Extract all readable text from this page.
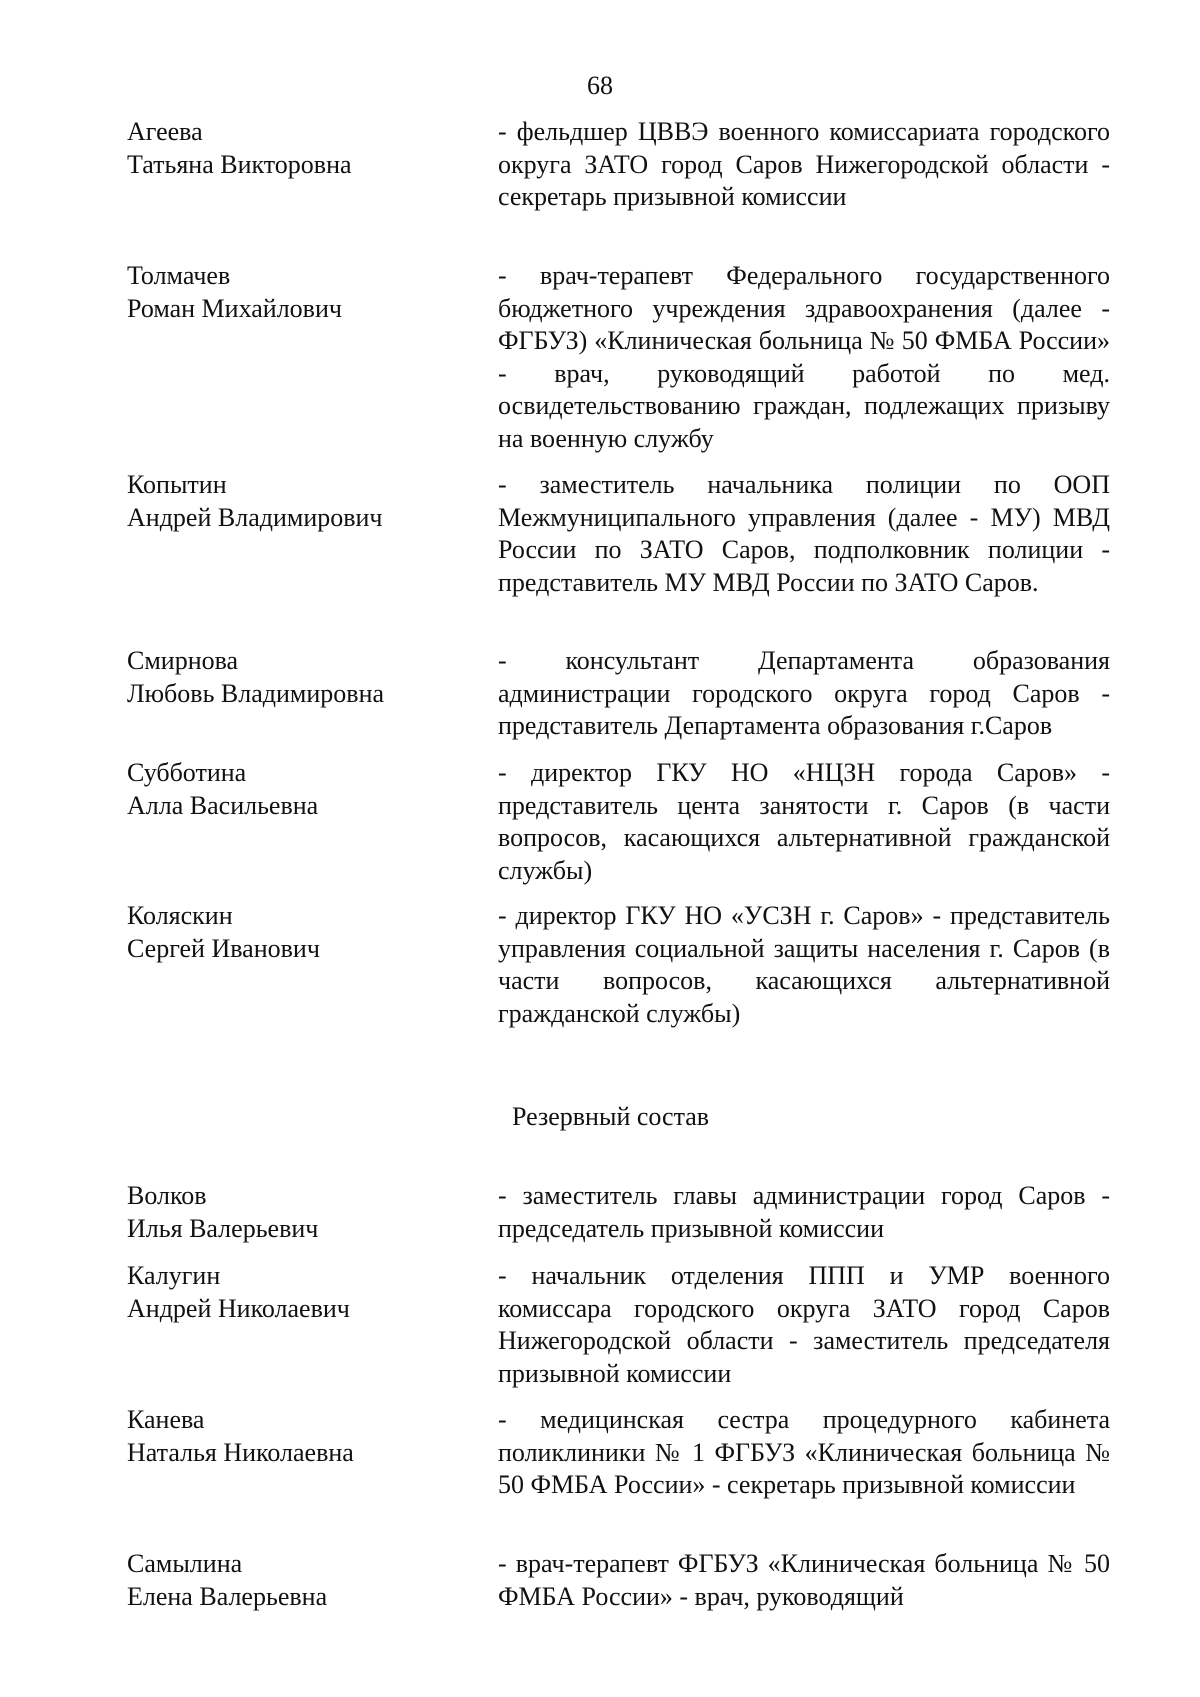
68
Агеева
Татьяна Викторовна
- фельдшер ЦВВЭ военного комиссариата городского округа ЗАТО город Саров Нижегородской области - секретарь призывной комиссии
Толмачев
Роман Михайлович
- врач-терапевт Федерального государственного бюджетного учреждения здравоохранения (далее - ФГБУЗ) «Клиническая больница № 50 ФМБА России» - врач, руководящий работой по мед. освидетельствованию граждан, подлежащих призыву на военную службу
Копытин
Андрей Владимирович
- заместитель начальника полиции по ООП Межмуниципального управления (далее - МУ) МВД России по ЗАТО Саров, подполковник полиции - представитель МУ МВД России по ЗАТО Саров.
Смирнова
Любовь Владимировна
- консультант Департамента образования администрации городского округа город Саров - представитель Департамента образования г.Саров
Субботина
Алла Васильевна
- директор ГКУ НО «НЦЗН города Саров» - представитель цента занятости г. Саров (в части вопросов, касающихся альтернативной гражданской службы)
Коляскин
Сергей Иванович
- директор ГКУ НО «УСЗН г. Саров» - представитель управления социальной защиты населения г. Саров (в части вопросов, касающихся альтернативной гражданской службы)
Резервный состав
Волков
Илья Валерьевич
- заместитель главы администрации город Саров - председатель призывной комиссии
Калугин
Андрей Николаевич
- начальник отделения ППП и УМР военного комиссара городского округа ЗАТО город Саров Нижегородской области - заместитель председателя призывной комиссии
Канева
Наталья Николаевна
- медицинская сестра процедурного кабинета поликлиники № 1 ФГБУЗ «Клиническая больница № 50 ФМБА России» - секретарь призывной комиссии
Самылина
Елена Валерьевна
- врач-терапевт ФГБУЗ «Клиническая больница № 50 ФМБА России» - врач, руководящий
